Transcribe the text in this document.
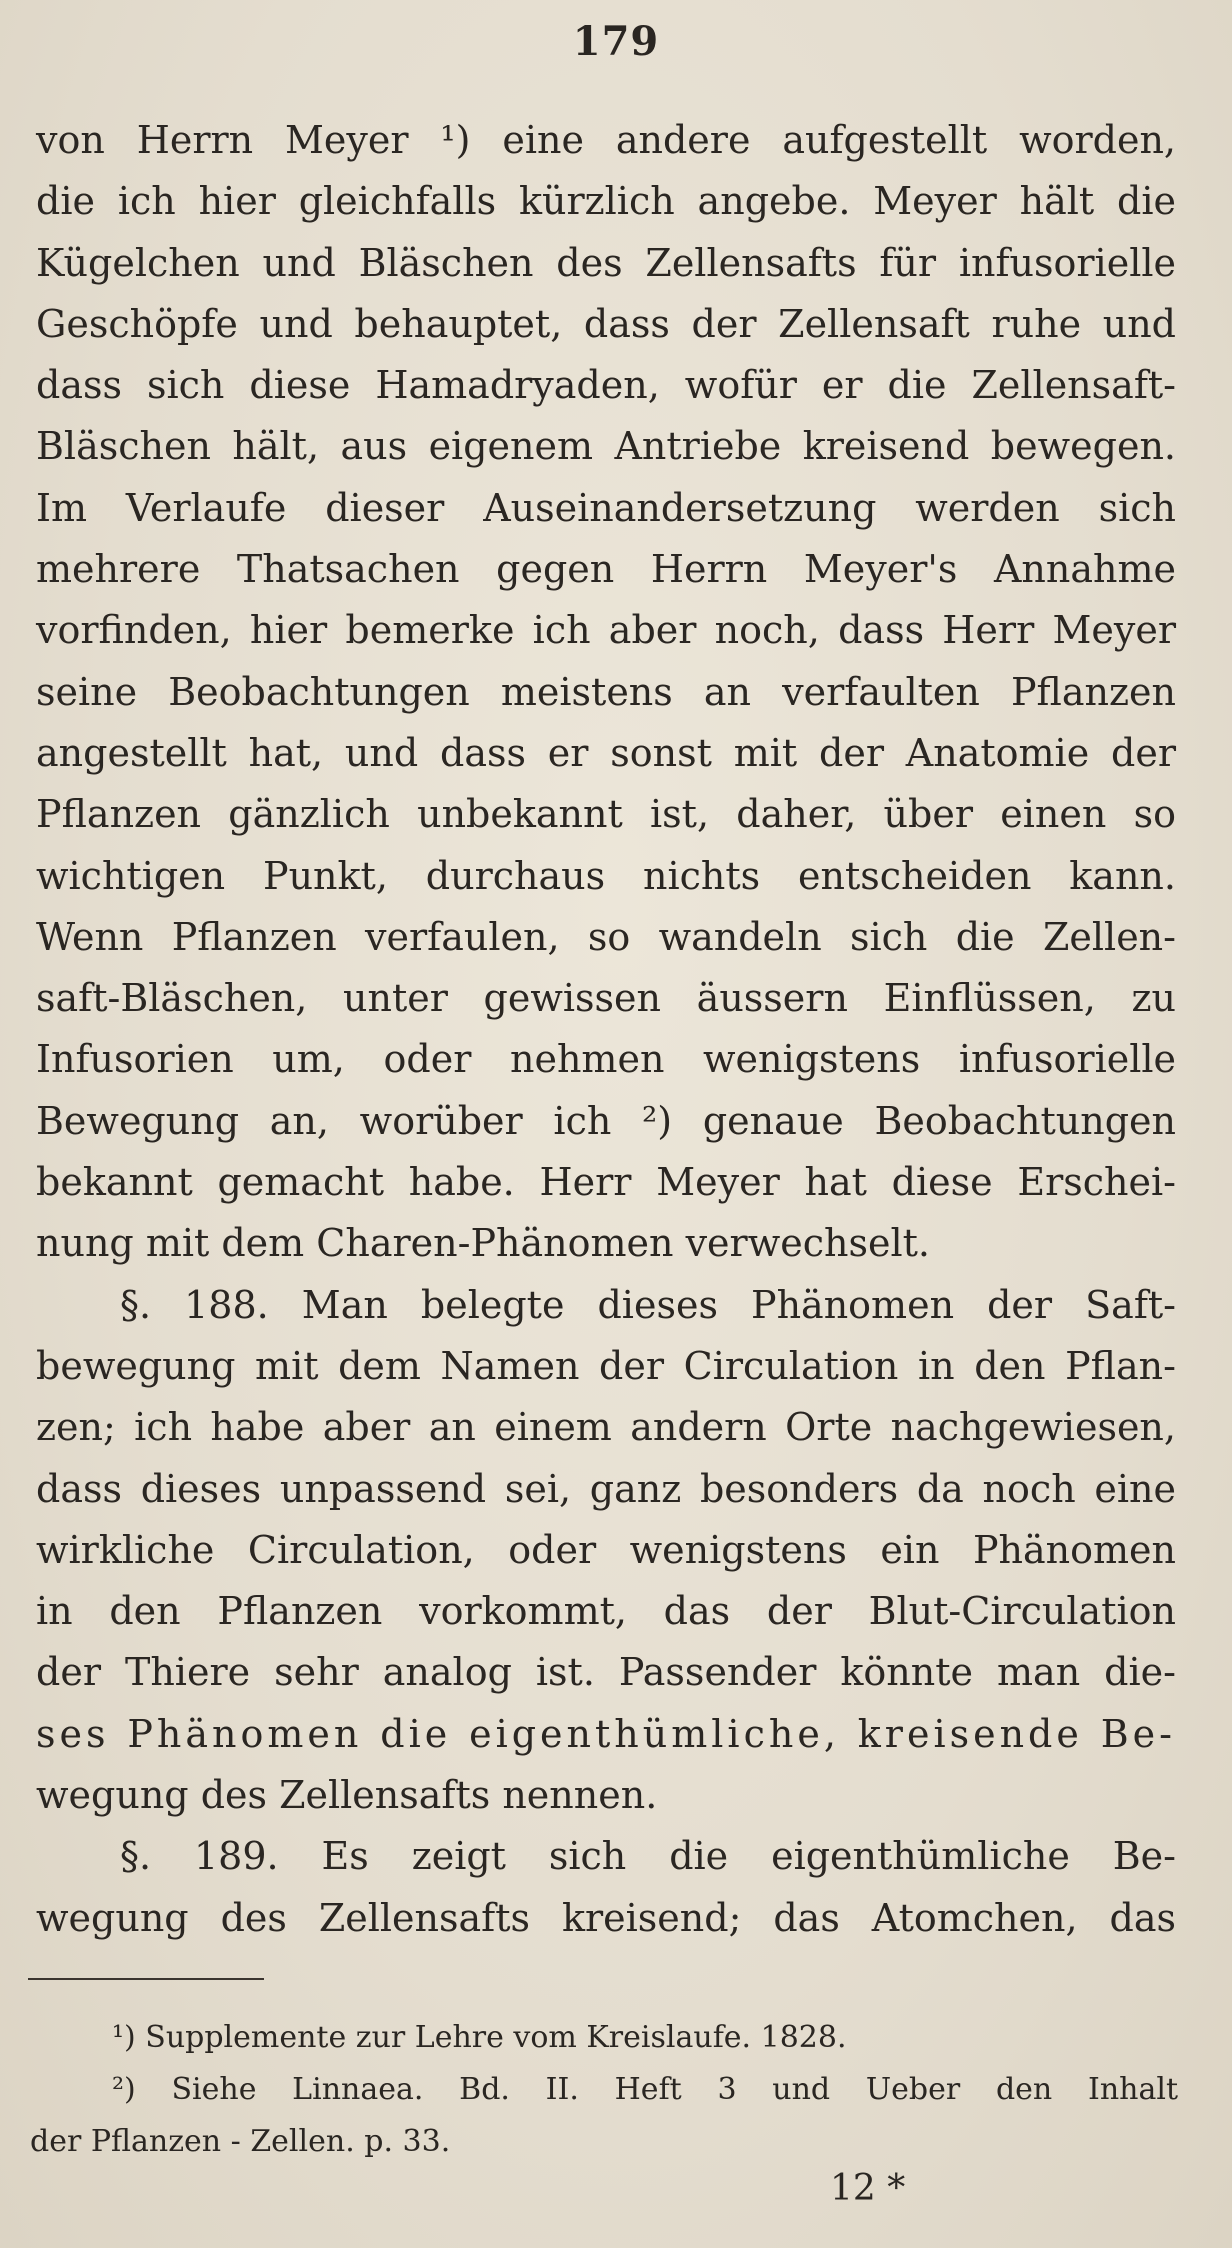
179
von Herrn Meyer ¹) eine andere aufgestellt worden,
die ich hier gleichfalls kürzlich angebe. Meyer hält die
Kügelchen und Bläschen des Zellensafts für infusorielle
Geschöpfe und behauptet, dass der Zellensaft ruhe und
dass sich diese Hamadryaden, wofür er die Zellensaft-
Bläschen hält, aus eigenem Antriebe kreisend bewegen.
Im Verlaufe dieser Auseinandersetzung werden sich
mehrere Thatsachen gegen Herrn Meyer's Annahme
vorfinden, hier bemerke ich aber noch, dass Herr Meyer
seine Beobachtungen meistens an verfaulten Pflanzen
angestellt hat, und dass er sonst mit der Anatomie der
Pflanzen gänzlich unbekannt ist, daher, über einen so
wichtigen Punkt, durchaus nichts entscheiden kann.
Wenn Pflanzen verfaulen, so wandeln sich die Zellen-
saft-Bläschen, unter gewissen äussern Einflüssen, zu
Infusorien um, oder nehmen wenigstens infusorielle
Bewegung an, worüber ich ²) genaue Beobachtungen
bekannt gemacht habe. Herr Meyer hat diese Erschei-
nung mit dem Charen-Phänomen verwechselt.
§. 188. Man belegte dieses Phänomen der Saft-
bewegung mit dem Namen der Circulation in den Pflan-
zen; ich habe aber an einem andern Orte nachgewiesen,
dass dieses unpassend sei, ganz besonders da noch eine
wirkliche Circulation, oder wenigstens ein Phänomen
in den Pflanzen vorkommt, das der Blut-Circulation
der Thiere sehr analog ist. Passender könnte man die-
ses Phänomen die eigenthümliche, kreisende Be-
wegung des Zellensafts nennen.
§. 189. Es zeigt sich die eigenthümliche Be-
wegung des Zellensafts kreisend; das Atomchen, das
¹) Supplemente zur Lehre vom Kreislaufe. 1828.
²) Siehe Linnaea. Bd. II. Heft 3 und Ueber den Inhalt
der Pflanzen - Zellen. p. 33.
12 *
